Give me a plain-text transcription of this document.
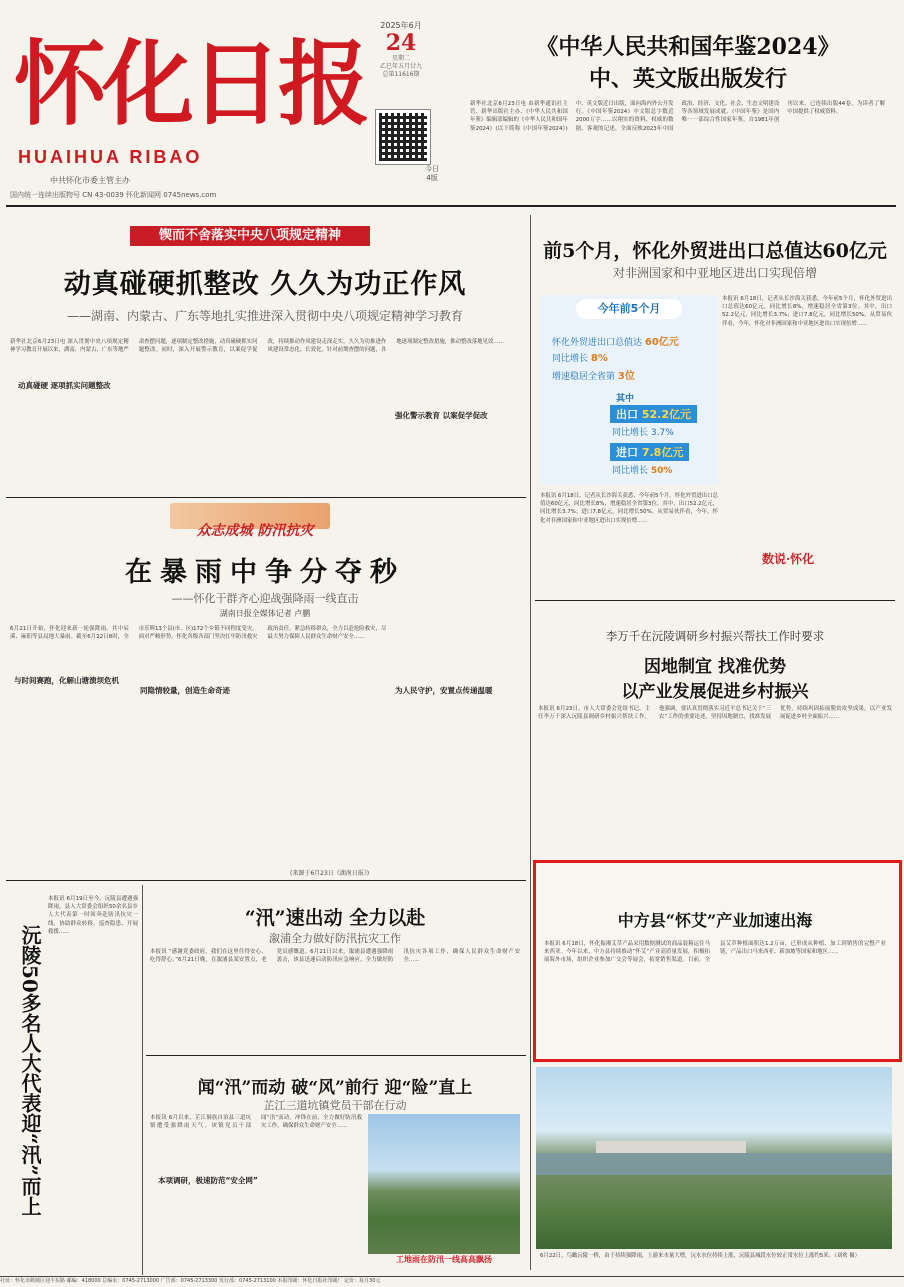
怀化日报
HUAIHUA RIBAO
中共怀化市委主管主办
国内统一连续出版物号 CN 43-0039 怀化新闻网 0745news.com
2025年6月
24
星期二
乙巳年五月廿九
总第11616期
今日
4版
《中华人民共和国年鉴2024》
中、英文版出版发行
新华社北京6月23日电 由新华通讯社主管、新华出版社主办、《中华人民共和国年鉴》编辑部编辑的《中华人民共和国年鉴2024》(以下简称《中国年鉴2024》)中、英文版近日出版，面向海内外公开发行。《中国年鉴2024》中文版总字数近2000万字……以翔实的资料、权威的数据、客观的记述，全面反映2023年中国政治、经济、文化、社会、生态文明建设等各领域发展成就。《中国年鉴》是国内唯一一部综合性国家年鉴，自1981年创刊以来，已连续出版44卷，为读者了解中国提供了权威资料。
锲而不舍落实中央八项规定精神
动真碰硬抓整改 久久为功正作风
——湖南、内蒙古、广东等地扎实推进深入贯彻中央八项规定精神学习教育
新华社北京6月23日电 深入贯彻中央八项规定精神学习教育开展以来，湖南、内蒙古、广东等地严肃查摆问题，逐项制定整改措施，动真碰硬抓实问题整改。同时，深入开展警示教育，以案促学促改，持续推动作风建设走深走实，久久为功推进作风建设常态化、长效化。针对前期查摆的问题，各地逐项制定整改措施，推动整改落地见效……
动真碰硬 逐项抓实问题整改
强化警示教育 以案促学促改
众志成城 防汛抗灾
在暴雨中争分夺秒
——怀化干群齐心迎战强降雨一线直击
湖南日报全媒体记者 卢鹏
6月21日开始，怀化迎来新一轮强降雨，其中辰溪、麻阳等县局地大暴雨。截至6月22日8时，全市乐辉13个县(市、区)172个乡镇不同程度受灾。面对严峻形势，怀化各级各部门坚决扛牢防汛救灾政治责任，紧急转移群众，全力以赴抢险救灾，尽最大努力保障人民群众生命财产安全……
与时间赛跑，化解山塘溃坝危机
同隐情较量，创造生命奇迹	为人民守护，安置点传递温暖
(来源于6月23日《湖南日报》)
沅陵50多名人大代表迎“汛”而上
本报讯 6月19日至今，沅陵县遭遇强降雨，县人大常委会组织50余名县乡人大代表第一时间奔赴防汛抗灾一线，协助群众转移、巡查隐患、开展救援……
“汛”速出动 全力以赴
溆浦全力做好防汛抗灾工作
本报讯 “感谢党委政府，我们在这里住得安心、吃得舒心。”6月21日晚，在溆浦县某安置点，老党员感慨道。6月21日以来，溆浦县遭遇强降雨袭击，该县迅速启动防汛应急响应，全力做好防汛抗灾各项工作，确保人民群众生命财产安全……
闻“汛”而动 破“风”前行 迎“险”直上
芷江三道坑镇党员干部在行动
本报讯 6月以来，芷江侗族自治县三道坑镇遭受强降雨天气。该镇党员干部闻“汛”而动，冲锋在前，全力做好防汛救灾工作，确保群众生命财产安全……
本项调研，极速防范“安全网”
工地雨在防汛一线高高飘扬
前5个月，怀化外贸进出口总值达60亿元
对非洲国家和中亚地区进出口实现倍增
今年前5个月
怀化外贸进出口总值达 60亿元
同比增长 8%
增速稳居全省第 3位
其中
出口 52.2亿元
同比增长 3.7%
进口 7.8亿元
同比增长 50%
本报讯 6月18日，记者从长沙海关获悉，今年前5个月，怀化外贸进出口总值达60亿元，同比增长8%，增速稳居全省第3位。其中，出口52.2亿元，同比增长3.7%；进口7.8亿元，同比增长50%。从贸易伙伴看，今年，怀化对非洲国家和中亚地区进出口实现倍增……
本报讯 6月18日，记者从长沙海关获悉，今年前5个月，怀化外贸进出口总值达60亿元，同比增长8%，增速稳居全省第3位。其中，出口52.2亿元，同比增长3.7%；进口7.8亿元，同比增长50%。从贸易伙伴看，今年，怀化对非洲国家和中亚地区进出口实现倍增……
数说·怀化
李万千在沅陵调研乡村振兴帮扶工作时要求
因地制宜 找准优势
以产业发展促进乡村振兴
本报讯 6月23日，市人大常委会党组书记、主任李万千深入沅陵县调研乡村振兴帮扶工作。他强调，要认真贯彻落实习近平总书记关于“三农”工作的重要论述，坚持因地制宜，找准发展优势，持续巩固拓展脱贫攻坚成果，以产业发展促进乡村全面振兴……
中方县“怀艾”产业加速出海
本报讯 6月18日，怀化振湘艾草产品采用数据测试的商品装箱运往马来西亚。今年以来，中方县持续推动“怀艾”产业高质量发展，积极拓展海外市场，组织企业参加广交会等展会，拓宽销售渠道。目前，全县艾草种植面积达1.2万亩，已形成从种植、加工到销售的完整产业链，产品出口马来西亚、新加坡等国家和地区……
6月22日，鸟瞰沅陵一桥，由于持续强降雨，上游来水量大增，沅水水位持续上涨，沅陵县城段水位较正常水位上涨约5米。（刘欢 摄）
社址：怀化市鹤城区迎丰东路 邮编：418000 总编室：0745-2713000 广告部：0745-2713300 发行部：0745-2713100 本报印刷：怀化日报社印刷厂 定价：每月30元
